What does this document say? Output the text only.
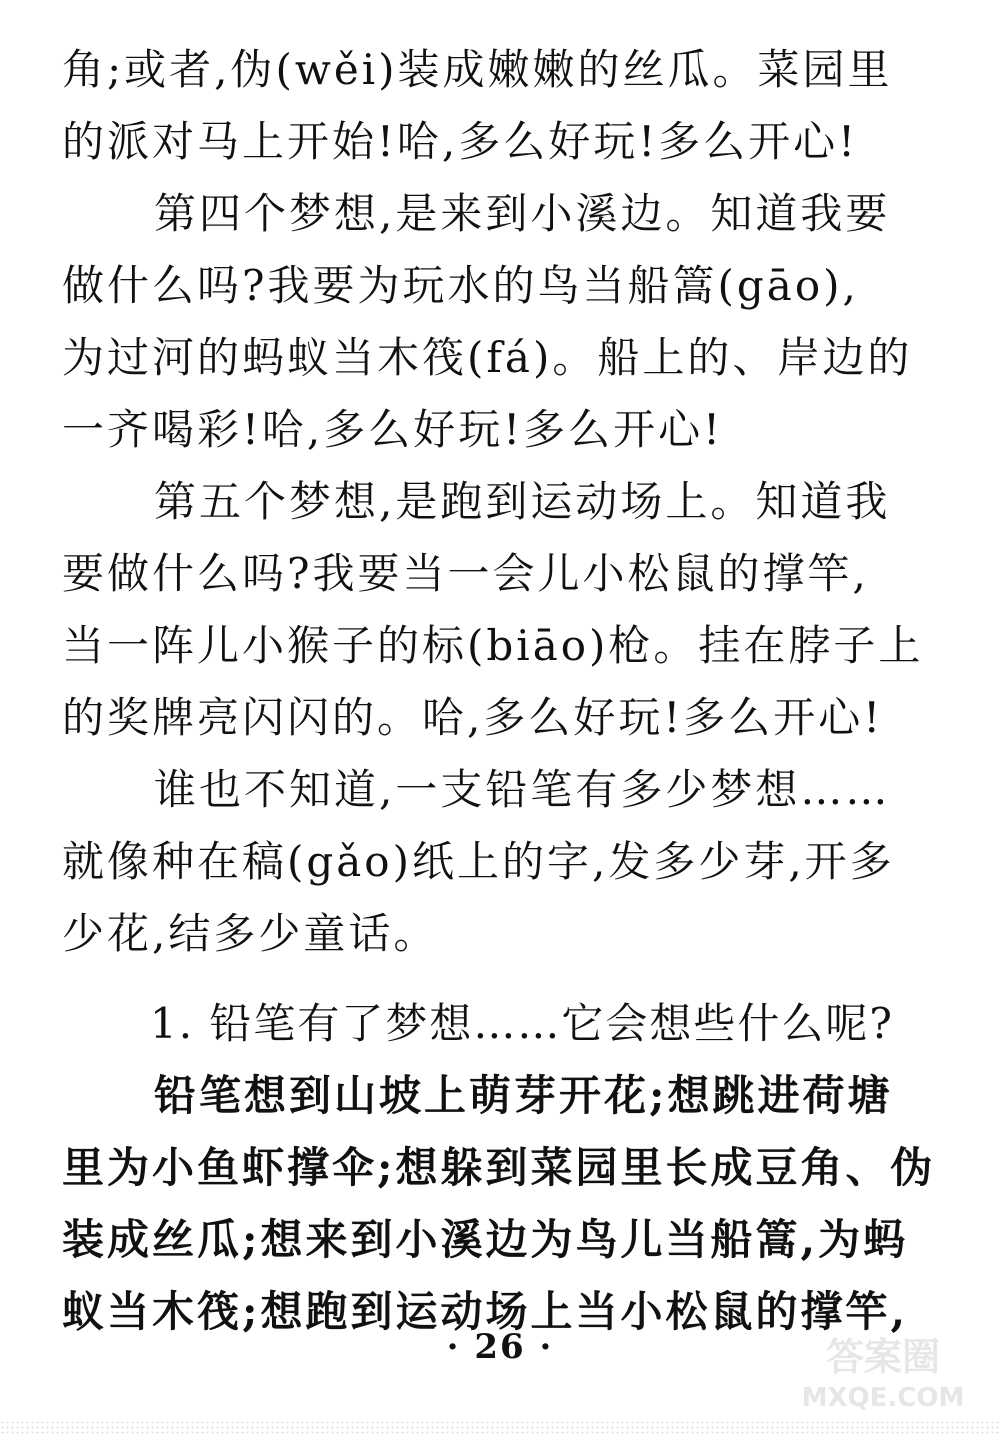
角;或者,伪(wěi)装成嫩嫩的丝瓜。菜园里
的派对马上开始!哈,多么好玩!多么开心!
第四个梦想,是来到小溪边。知道我要
做什么吗?我要为玩水的鸟当船篙(gāo),
为过河的蚂蚁当木筏(fá)。船上的、岸边的
一齐喝彩!哈,多么好玩!多么开心!
第五个梦想,是跑到运动场上。知道我
要做什么吗?我要当一会儿小松鼠的撑竿,
当一阵儿小猴子的标(biāo)枪。挂在脖子上
的奖牌亮闪闪的。哈,多么好玩!多么开心!
谁也不知道,一支铅笔有多少梦想……
就像种在稿(gǎo)纸上的字,发多少芽,开多
少花,结多少童话。
1. 铅笔有了梦想……它会想些什么呢?
铅笔想到山坡上萌芽开花;想跳进荷塘
里为小鱼虾撑伞;想躲到菜园里长成豆角、伪
装成丝瓜;想来到小溪边为鸟儿当船篙,为蚂
蚁当木筏;想跑到运动场上当小松鼠的撑竿,
· 26 ·	答案圈
MXQE.COM
